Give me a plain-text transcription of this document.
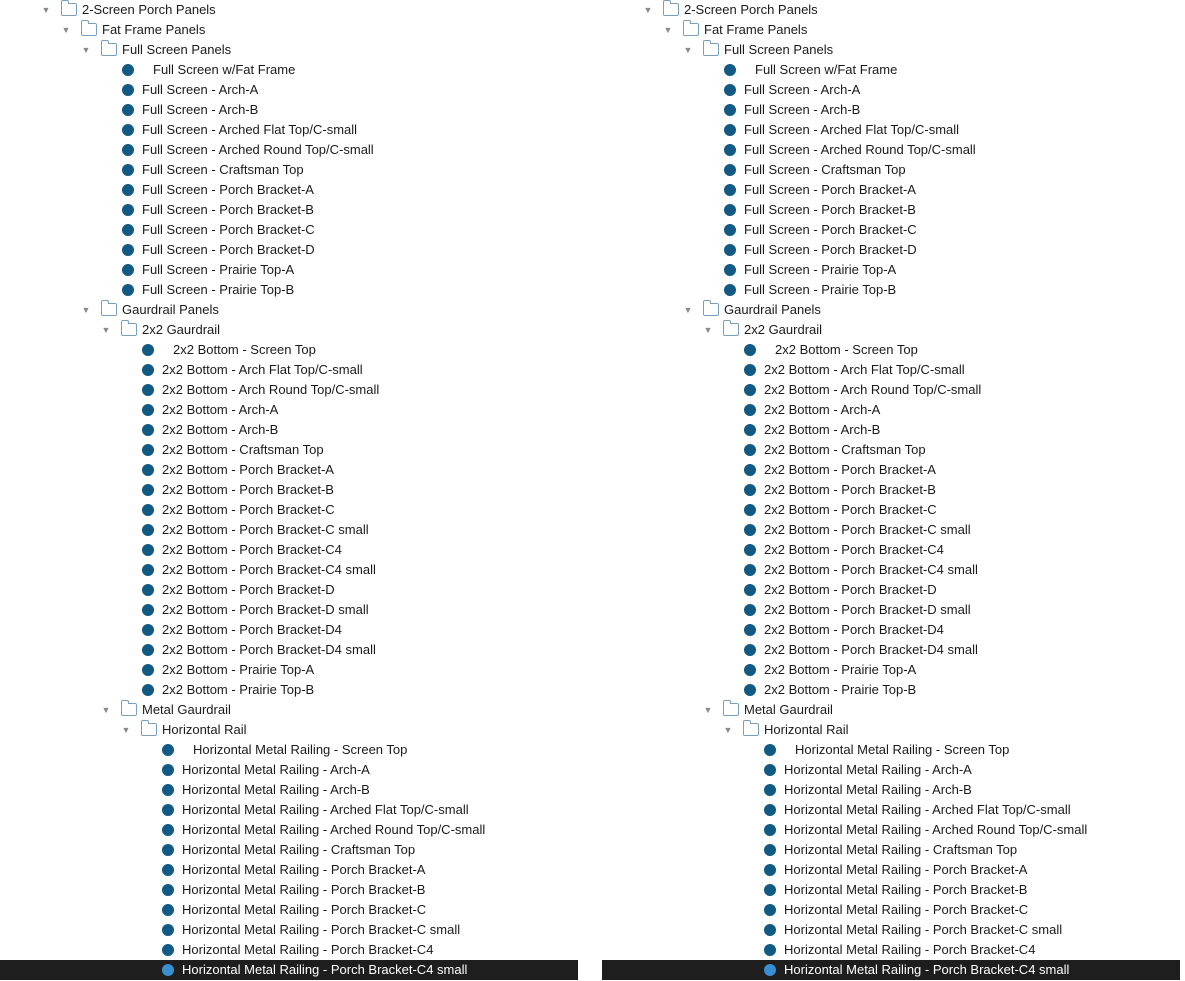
▼ 2-Screen Porch Panels
▼ Fat Frame Panels
▼ Full Screen Panels
Full Screen w/Fat Frame
Full Screen - Arch-A
Full Screen - Arch-B
Full Screen - Arched Flat Top/C-small
Full Screen - Arched Round Top/C-small
Full Screen - Craftsman Top
Full Screen - Porch Bracket-A
Full Screen - Porch Bracket-B
Full Screen - Porch Bracket-C
Full Screen - Porch Bracket-D
Full Screen - Prairie Top-A
Full Screen - Prairie Top-B
▼ Gaurdrail Panels
▼ 2x2 Gaurdrail
2x2 Bottom - Screen Top
2x2 Bottom - Arch Flat Top/C-small
2x2 Bottom - Arch Round Top/C-small
2x2 Bottom - Arch-A
2x2 Bottom - Arch-B
2x2 Bottom - Craftsman Top
2x2 Bottom - Porch Bracket-A
2x2 Bottom - Porch Bracket-B
2x2 Bottom - Porch Bracket-C
2x2 Bottom - Porch Bracket-C small
2x2 Bottom - Porch Bracket-C4
2x2 Bottom - Porch Bracket-C4 small
2x2 Bottom - Porch Bracket-D
2x2 Bottom - Porch Bracket-D small
2x2 Bottom - Porch Bracket-D4
2x2 Bottom - Porch Bracket-D4 small
2x2 Bottom - Prairie Top-A
2x2 Bottom - Prairie Top-B
▼ Metal Gaurdrail
▼ Horizontal Rail
Horizontal Metal Railing - Screen Top
Horizontal Metal Railing - Arch-A
Horizontal Metal Railing - Arch-B
Horizontal Metal Railing - Arched Flat Top/C-small
Horizontal Metal Railing - Arched Round Top/C-small
Horizontal Metal Railing - Craftsman Top
Horizontal Metal Railing - Porch Bracket-A
Horizontal Metal Railing - Porch Bracket-B
Horizontal Metal Railing - Porch Bracket-C
Horizontal Metal Railing - Porch Bracket-C small
Horizontal Metal Railing - Porch Bracket-C4
Horizontal Metal Railing - Porch Bracket-C4 small
▼ 2-Screen Porch Panels
▼ Fat Frame Panels
▼ Full Screen Panels
Full Screen w/Fat Frame
Full Screen - Arch-A
Full Screen - Arch-B
Full Screen - Arched Flat Top/C-small
Full Screen - Arched Round Top/C-small
Full Screen - Craftsman Top
Full Screen - Porch Bracket-A
Full Screen - Porch Bracket-B
Full Screen - Porch Bracket-C
Full Screen - Porch Bracket-D
Full Screen - Prairie Top-A
Full Screen - Prairie Top-B
▼ Gaurdrail Panels
▼ 2x2 Gaurdrail
2x2 Bottom - Screen Top
2x2 Bottom - Arch Flat Top/C-small
2x2 Bottom - Arch Round Top/C-small
2x2 Bottom - Arch-A
2x2 Bottom - Arch-B
2x2 Bottom - Craftsman Top
2x2 Bottom - Porch Bracket-A
2x2 Bottom - Porch Bracket-B
2x2 Bottom - Porch Bracket-C
2x2 Bottom - Porch Bracket-C small
2x2 Bottom - Porch Bracket-C4
2x2 Bottom - Porch Bracket-C4 small
2x2 Bottom - Porch Bracket-D
2x2 Bottom - Porch Bracket-D small
2x2 Bottom - Porch Bracket-D4
2x2 Bottom - Porch Bracket-D4 small
2x2 Bottom - Prairie Top-A
2x2 Bottom - Prairie Top-B
▼ Metal Gaurdrail
▼ Horizontal Rail
Horizontal Metal Railing - Screen Top
Horizontal Metal Railing - Arch-A
Horizontal Metal Railing - Arch-B
Horizontal Metal Railing - Arched Flat Top/C-small
Horizontal Metal Railing - Arched Round Top/C-small
Horizontal Metal Railing - Craftsman Top
Horizontal Metal Railing - Porch Bracket-A
Horizontal Metal Railing - Porch Bracket-B
Horizontal Metal Railing - Porch Bracket-C
Horizontal Metal Railing - Porch Bracket-C small
Horizontal Metal Railing - Porch Bracket-C4
Horizontal Metal Railing - Porch Bracket-C4 small
